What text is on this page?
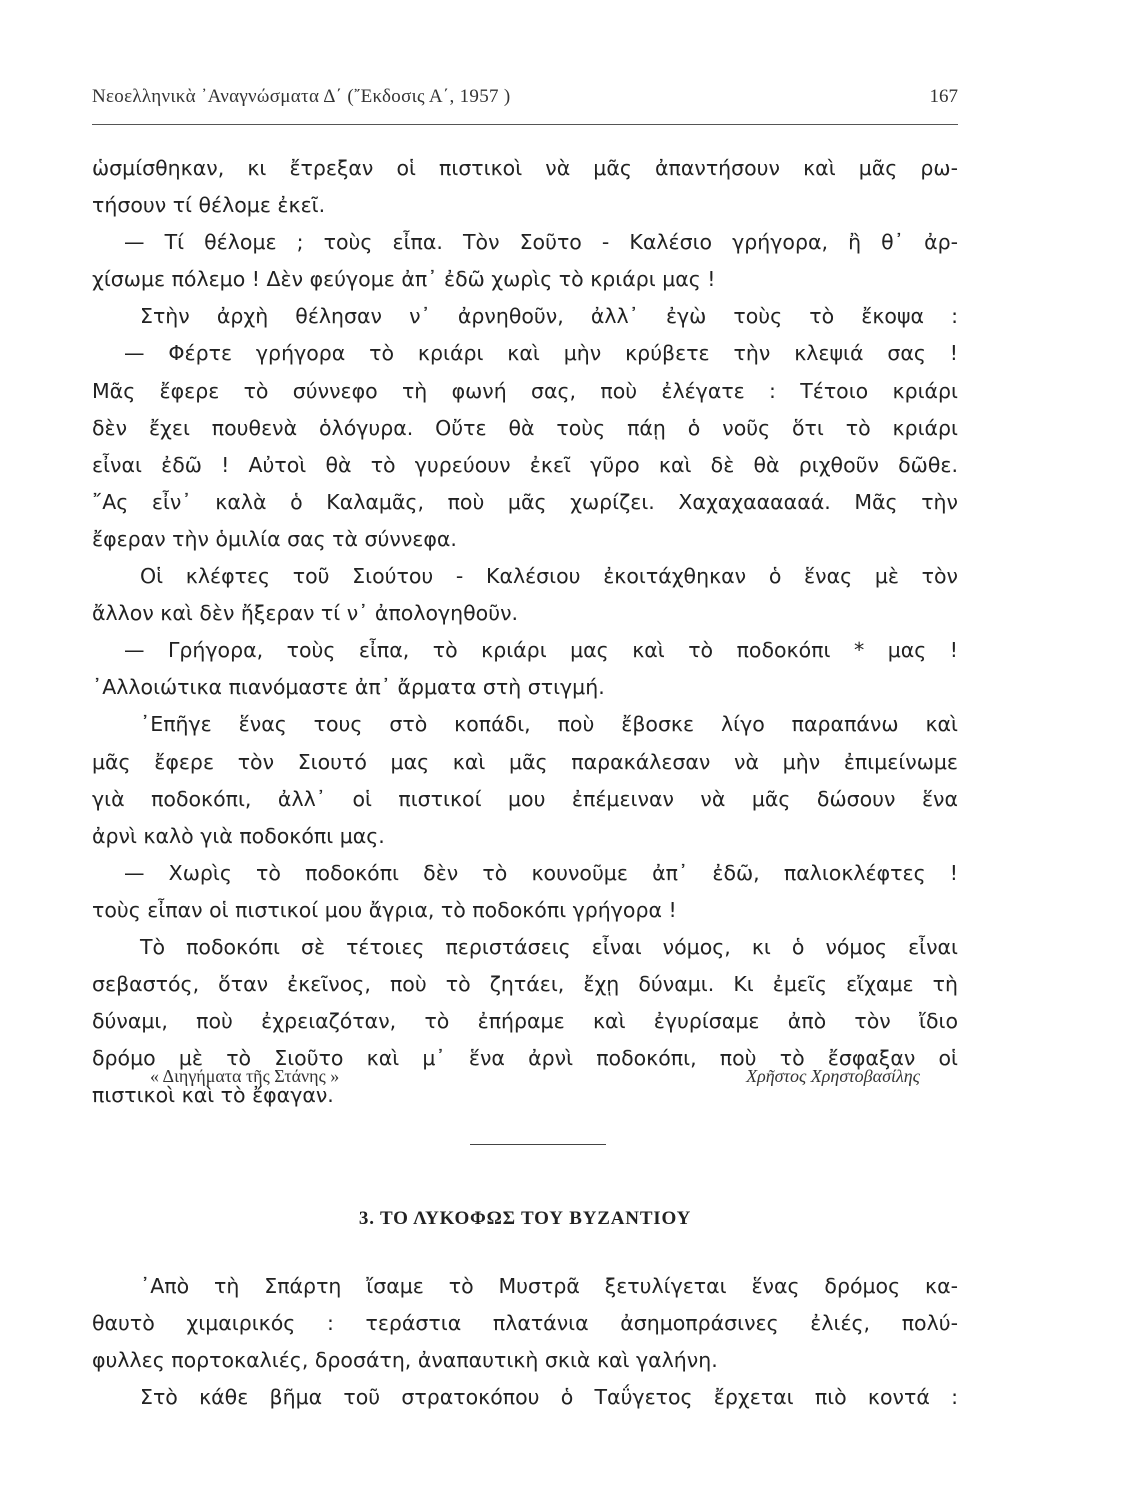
Νεοελληνικὰ ᾿Αναγνώσματα Δ΄ (῎Εκδοσις Α΄, 1957 )	167
ὡσμίσθηκαν, κι ἔτρεξαν οἱ πιστικοὶ νὰ μᾶς ἀπαντήσουν καὶ μᾶς ρω-
τήσουν τί θέλομε ἐκεῖ.
— Τί θέλομε ; τοὺς εἶπα. Τὸν Σοῦτο - Καλέσιο γρήγορα, ἢ θ᾿ ἀρ-
χίσωμε πόλεμο ! Δὲν φεύγομε ἀπ᾿ ἐδῶ χωρὶς τὸ κριάρι μας !
Στὴν ἀρχὴ θέλησαν ν᾿ ἀρνηθοῦν, ἀλλ᾿ ἐγὼ τοὺς τὸ ἔκοψα :
— Φέρτε γρήγορα τὸ κριάρι καὶ μὴν κρύβετε τὴν κλεψιά σας !
Μᾶς ἔφερε τὸ σύννεφο τὴ φωνή σας, ποὺ ἐλέγατε : Τέτοιο κριάρι
δὲν ἔχει πουθενὰ ὁλόγυρα. Οὔτε θὰ τοὺς πάῃ ὁ νοῦς ὅτι τὸ κριάρι
εἶναι ἐδῶ ! Αὐτοὶ θὰ τὸ γυρεύουν ἐκεῖ γῦρο καὶ δὲ θὰ ριχθοῦν δῶθε.
῎Ας εἶν᾿ καλὰ ὁ Καλαμᾶς, ποὺ μᾶς χωρίζει. Χαχαχαααααά. Μᾶς τὴν
ἔφεραν τὴν ὁμιλία σας τὰ σύννεφα.
Οἱ κλέφτες τοῦ Σιούτου - Καλέσιου ἐκοιτάχθηκαν ὁ ἕνας μὲ τὸν
ἄλλον καὶ δὲν ἤξεραν τί ν᾿ ἀπολογηθοῦν.
— Γρήγορα, τοὺς εἶπα, τὸ κριάρι μας καὶ τὸ ποδοκόπι * μας !
᾿Αλλοιώτικα πιανόμαστε ἀπ᾿ ἄρματα στὴ στιγμή.
᾿Επῆγε ἕνας τους στὸ κοπάδι, ποὺ ἔβοσκε λίγο παραπάνω καὶ
μᾶς ἔφερε τὸν Σιουτό μας καὶ μᾶς παρακάλεσαν νὰ μὴν ἐπιμείνωμε
γιὰ ποδοκόπι, ἀλλ᾿ οἱ πιστικοί μου ἐπέμειναν νὰ μᾶς δώσουν ἕνα
ἀρνὶ καλὸ γιὰ ποδοκόπι μας.
— Χωρὶς τὸ ποδοκόπι δὲν τὸ κουνοῦμε ἀπ᾿ ἐδῶ, παλιοκλέφτες !
τοὺς εἶπαν οἱ πιστικοί μου ἄγρια, τὸ ποδοκόπι γρήγορα !
Τὸ ποδοκόπι σὲ τέτοιες περιστάσεις εἶναι νόμος, κι ὁ νόμος εἶναι
σεβαστός, ὅταν ἐκεῖνος, ποὺ τὸ ζητάει, ἔχῃ δύναμι. Κι ἐμεῖς εἴχαμε τὴ
δύναμι, ποὺ ἐχρειαζόταν, τὸ ἐπήραμε καὶ ἐγυρίσαμε ἀπὸ τὸν ἴδιο
δρόμο μὲ τὸ Σιοῦτο καὶ μ᾿ ἕνα ἀρνὶ ποδοκόπι, ποὺ τὸ ἔσφαξαν οἱ
πιστικοὶ καὶ τὸ ἔφαγαν.
« Διηγήματα τῆς Στάνης »	Χρῆστος Χρηστοβασίλης
3. ΤΟ ΛΥΚΟΦΩΣ ΤΟΥ ΒΥΖΑΝΤΙΟΥ
᾿Απὸ τὴ Σπάρτη ἴσαμε τὸ Μυστρᾶ ξετυλίγεται ἕνας δρόμος κα-
θαυτὸ χιμαιρικός : τεράστια πλατάνια ἀσημοπράσινες ἐλιές, πολύ-
φυλλες πορτοκαλιές, δροσάτη, ἀναπαυτικὴ σκιὰ καὶ γαλήνη.
Στὸ κάθε βῆμα τοῦ στρατοκόπου ὁ Ταΰγετος ἔρχεται πιὸ κοντά :
